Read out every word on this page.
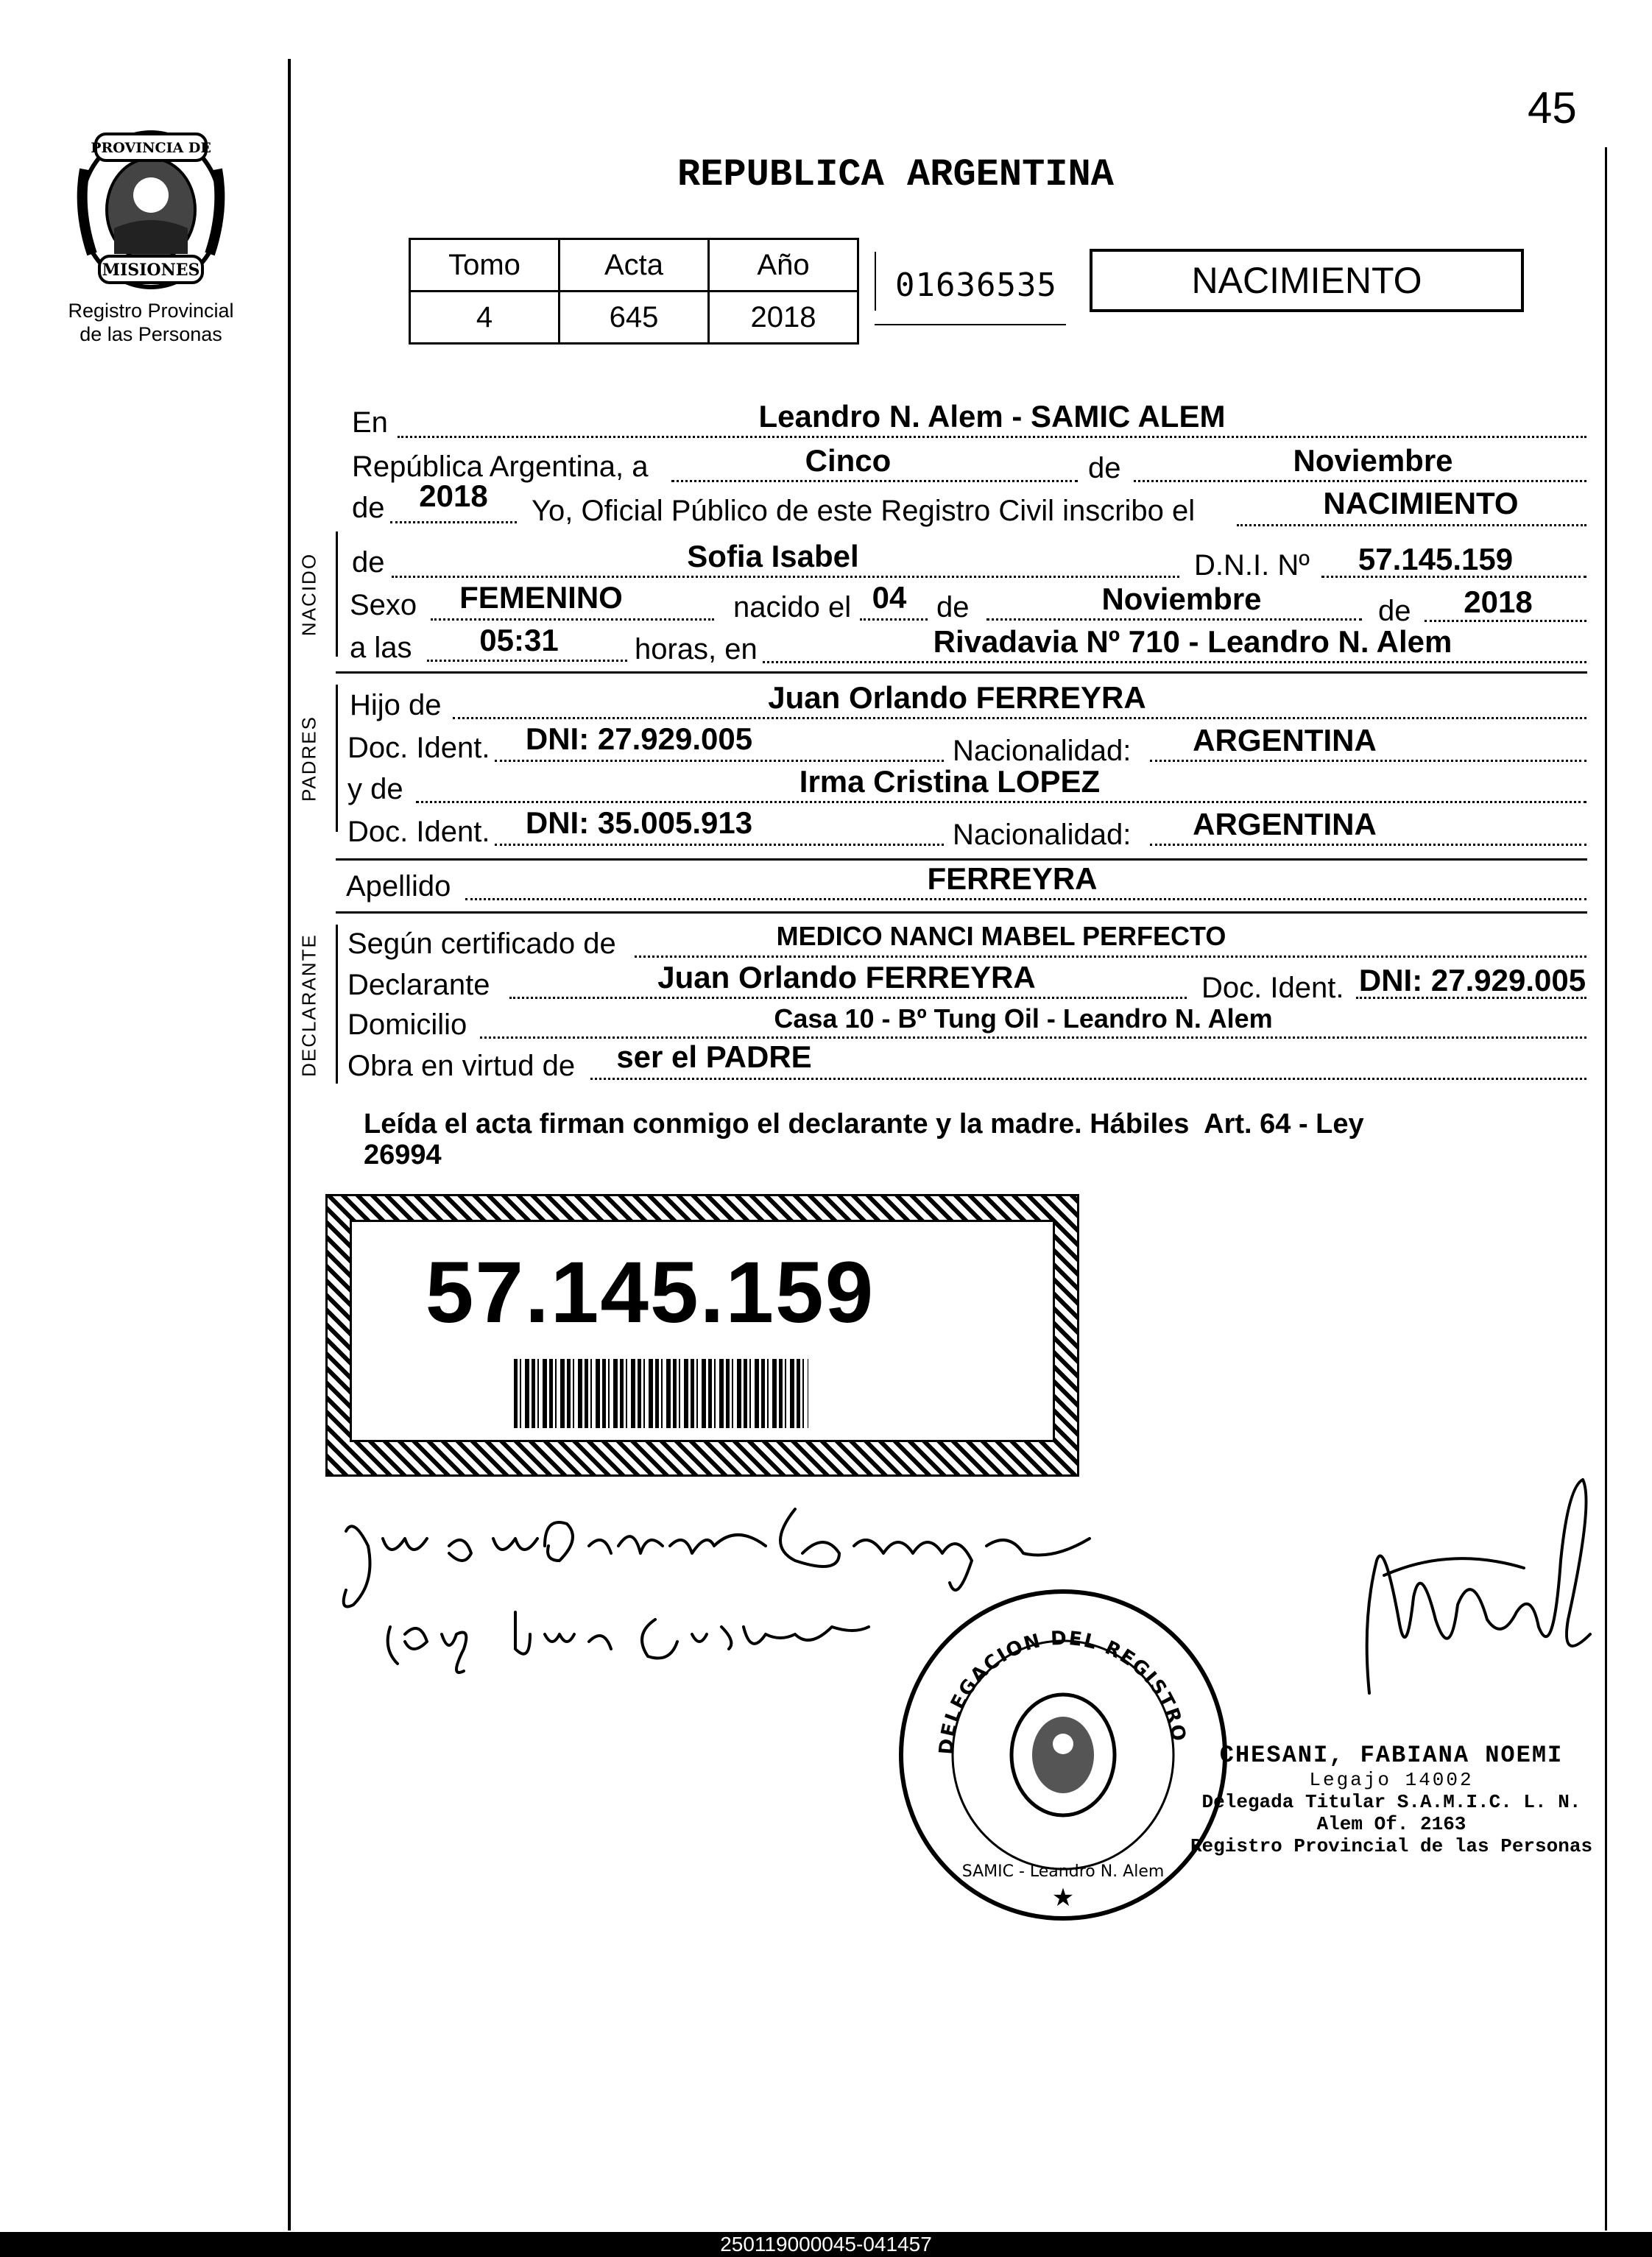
45
PROVINCIA DE
MISIONES
Registro Provincial
de las Personas
REPUBLICA ARGENTINA
Tomo	Acta	Año
4	645	2018
01636535	NACIMIENTO
En	Leandro N. Alem - SAMIC ALEM
República Argentina, a	Cinco	de	Noviembre
de	2018	Yo, Oficial Público de este Registro Civil inscribo el	NACIMIENTO
NACIDO de	Sofia Isabel	D.N.I. Nº	57.145.159
Sexo	FEMENINO	nacido el 04	de	Noviembre	de	2018
a las	05:31	horas, en	Rivadavia Nº 710 - Leandro N. Alem
PADRES
Hijo de	Juan Orlando FERREYRA
Doc. Ident. DNI: 27.929.005	Nacionalidad:	ARGENTINA
y de	Irma Cristina LOPEZ
Doc. Ident. DNI: 35.005.913	Nacionalidad:	ARGENTINA
Apellido	FERREYRA
DECLARANTE Según certificado de	MEDICO NANCI MABEL PERFECTO
Declarante	Juan Orlando FERREYRA	Doc. Ident. DNI: 27.929.005
Domicilio	Casa 10 - Bº Tung Oil - Leandro N. Alem
Obra en virtud de	ser el PADRE
Leída el acta firman conmigo el declarante y la madre. Hábiles  Art. 64 - Ley
26994
57.145.159
DELEGACION DEL REGISTRO
SAMIC - Leandro N. Alem
★
CHESANI, FABIANA NOEMI
Legajo 14002
Delegada Titular S.A.M.I.C. L. N. Alem Of. 2163
Registro Provincial de las Personas
250119000045-041457
